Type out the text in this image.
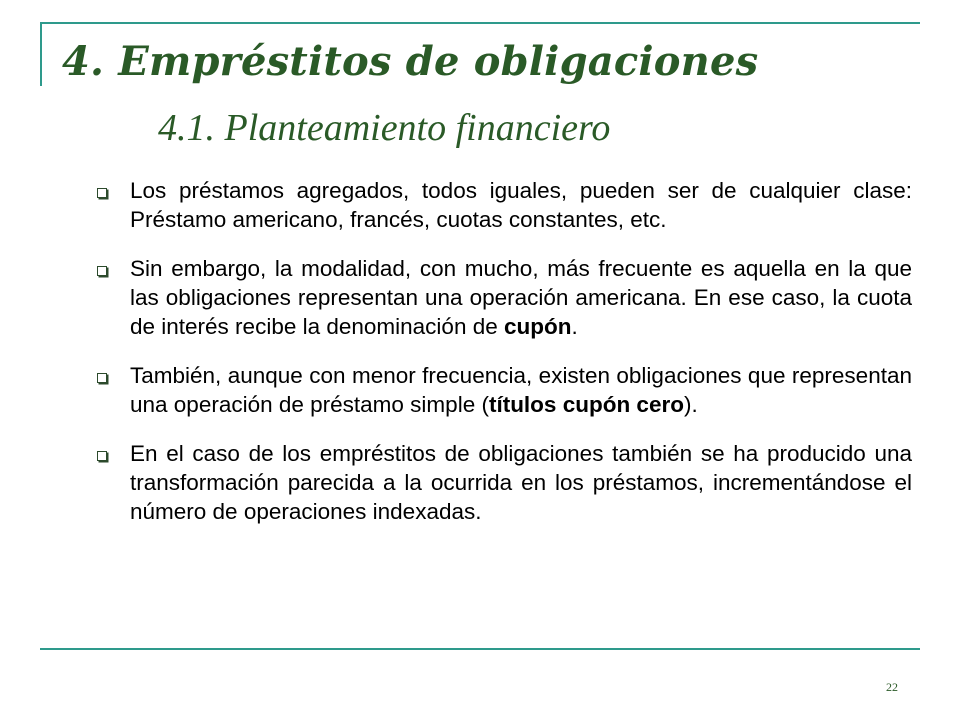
4. Empréstitos de obligaciones
4.1. Planteamiento financiero
Los préstamos agregados, todos iguales, pueden ser de cualquier clase: Préstamo americano, francés, cuotas constantes, etc.
Sin embargo, la modalidad, con mucho, más frecuente es aquella en la que las obligaciones representan una operación americana. En ese caso, la cuota de interés recibe la denominación de cupón.
También, aunque con menor frecuencia, existen obligaciones que representan una operación de préstamo simple (títulos cupón cero).
En el caso de los empréstitos de obligaciones también se ha producido una transformación parecida a la ocurrida en los préstamos, incrementándose el número de operaciones indexadas.
22
